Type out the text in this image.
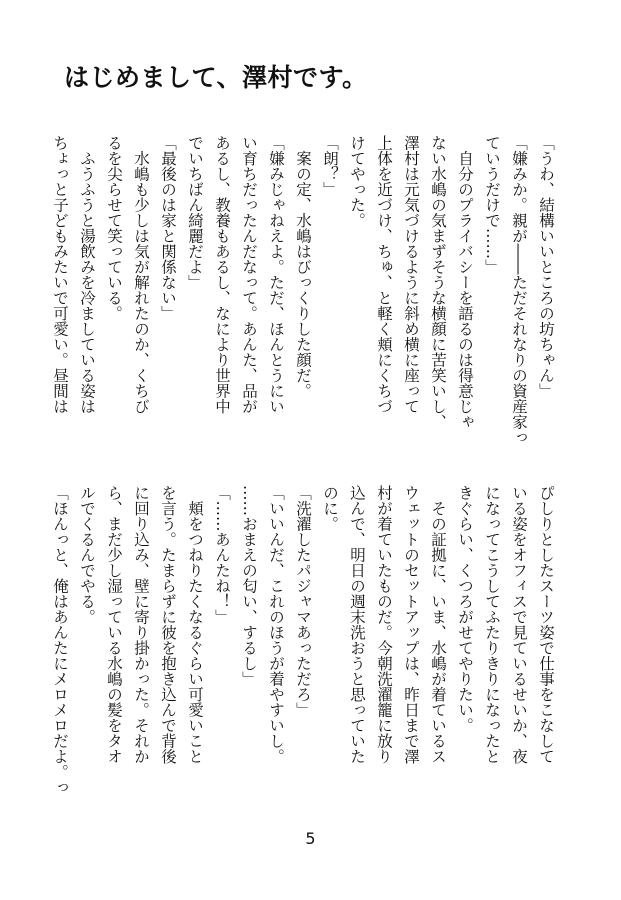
はじめまして、澤村です。
「うわ、結構いいところの坊ちゃん」
「嫌みか。親が――ただそれなりの資産家っ
ていうだけで……」
　自分のプライバシーを語るのは得意じゃ
ない水嶋の気まずそうな横顔に苦笑いし、
澤村は元気づけるように斜め横に座って
上体を近づけ、ちゅ、と軽く頬にくちづ
けてやった。
「朗？」
　案の定、水嶋はびっくりした顔だ。
「嫌みじゃねえよ。ただ、ほんとうにい
い育ちだったんだなって。あんた、品が
あるし、教養もあるし、なにより世界中
でいちばん綺麗だよ」
「最後のは家と関係ない」
　水嶋も少しは気が解れたのか、くちび
るを尖らせて笑っている。
　ふうふうと湯飲みを冷ましている姿は
ちょっと子どもみたいで可愛い。昼間は
ぴしりとしたスーツ姿で仕事をこなして
いる姿をオフィスで見ているせいか、夜
になってこうしてふたりきりになったと
きぐらい、くつろがせてやりたい。
　その証拠に、いま、水嶋が着ているス
ウェットのセットアップは、昨日まで澤
村が着ていたものだ。今朝洗濯籠に放り
込んで、明日の週末洗おうと思っていた
のに。
「洗濯したパジャマあっただろ」
「いいんだ、これのほうが着やすいし。
……おまえの匂い、するし」
「……あんたね！」
　頬をつねりたくなるぐらい可愛いこと
を言う。たまらずに彼を抱き込んで背後
に回り込み、壁に寄り掛かった。それか
ら、まだ少し湿っている水嶋の髪をタオ
ルでくるんでやる。
「ほんっと、俺はあんたにメロメロだよ。っ
5
